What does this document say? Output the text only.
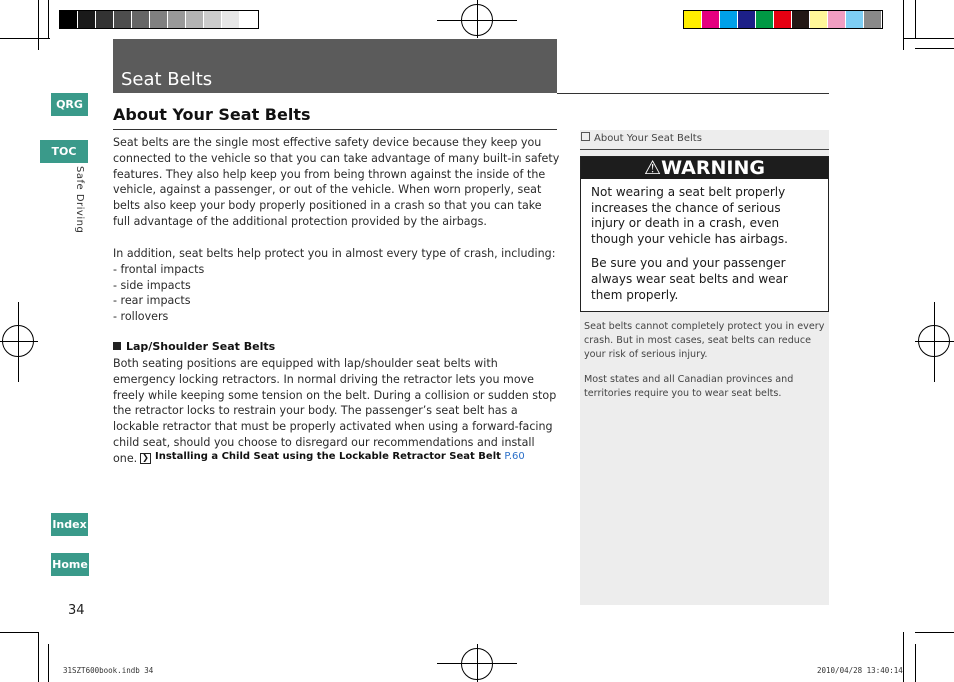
Seat Belts
QRG
TOC
Safe Driving
Index
Home
About Your Seat Belts

Seat belts are the single most effective safety device because they keep you connected to the vehicle so that you can take advantage of many built-in safety features. They also help keep you from being thrown against the inside of the vehicle, against a passenger, or out of the vehicle. When worn properly, seat belts also keep your body properly positioned in a crash so that you can take full advantage of the additional protection provided by the airbags.

In addition, seat belts help protect you in almost every type of crash, including:

- frontal impacts

- side impacts

- rear impacts

- rollovers

Lap/Shoulder Seat Belts

Both seating positions are equipped with lap/shoulder seat belts with emergency locking retractors. In normal driving the retractor lets you move freely while keeping some tension on the belt. During a collision or sudden stop the retractor locks to restrain your body. The passenger’s seat belt has a lockable retractor that must be properly activated when using a forward-facing child seat, should you choose to disregard our recommendations and install one. ❯ Installing a Child Seat using the Lockable Retractor Seat Belt P.60
34
About Your Seat Belts
⚠WARNING

Not wearing a seat belt properly increases the chance of serious injury or death in a crash, even though your vehicle has airbags.

Be sure you and your passenger always wear seat belts and wear them properly.

Seat belts cannot completely protect you in every crash. But in most cases, seat belts can reduce your risk of serious injury.
Most states and all Canadian provinces and territories require you to wear seat belts.
31SZT600book.indb 34	2010/04/28 13:40:14
